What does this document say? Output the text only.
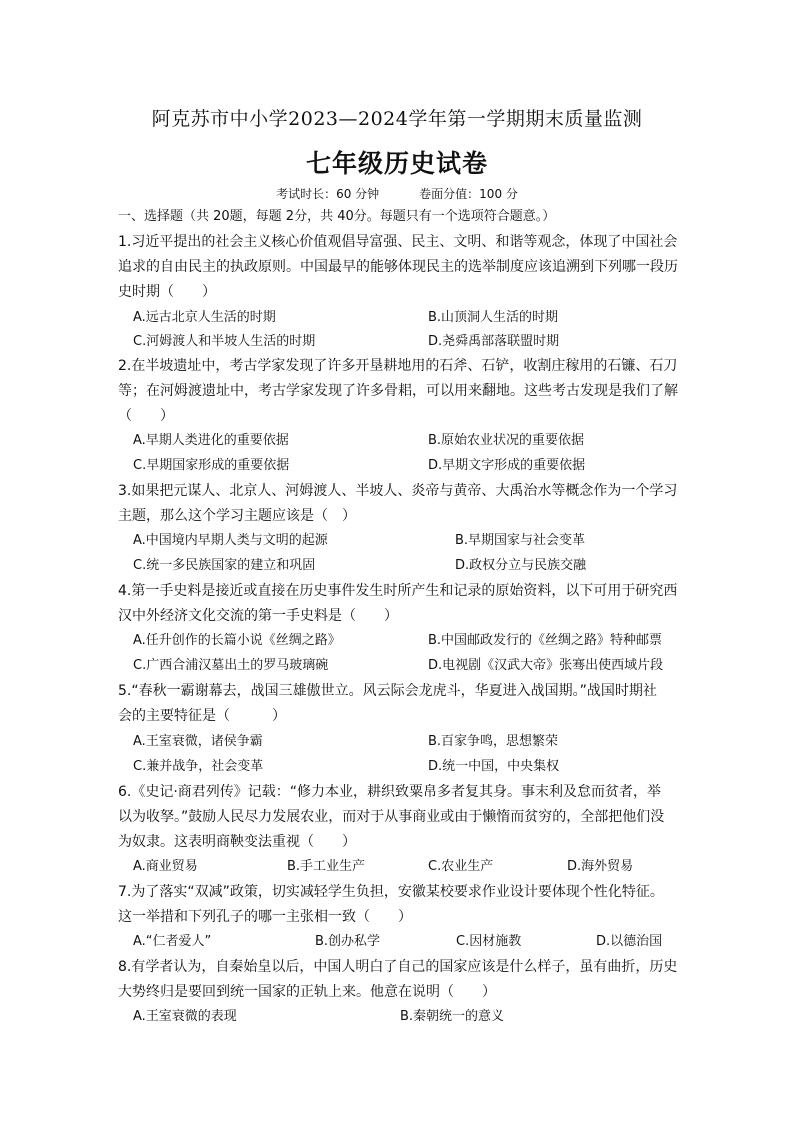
阿克苏市中小学2023—2024学年第一学期期末质量监测
七年级历史试卷
考试时长：60 分钟	卷面分值：100 分
一、选择题（共 20题，每题 2分，共 40分。每题只有一个选项符合题意。）
1.习近平提出的社会主义核心价值观倡导富强、民主、文明、和谐等观念，体现了中国社会
追求的自由民主的执政原则。中国最早的能够体现民主的选举制度应该追溯到下列哪一段历
史时期（　　）
A.远古北京人生活的时期	B.山顶洞人生活的时期
C.河姆渡人和半坡人生活的时期	D.尧舜禹部落联盟时期
2.在半坡遗址中，考古学家发现了许多开垦耕地用的石斧、石铲，收割庄稼用的石镰、石刀
等；在河姆渡遗址中，考古学家发现了许多骨耜，可以用来翻地。这些考古发现是我们了解
（　　）
A.早期人类进化的重要依据	B.原始农业状况的重要依据
C.早期国家形成的重要依据	D.早期文字形成的重要依据
3.如果把元谋人、北京人、河姆渡人、半坡人、炎帝与黄帝、大禹治水等概念作为一个学习
主题，那么这个学习主题应该是（　）
A.中国境内早期人类与文明的起源	B.早期国家与社会变革
C.统一多民族国家的建立和巩固	D.政权分立与民族交融
4.第一手史料是接近或直接在历史事件发生时所产生和记录的原始资料，以下可用于研究西
汉中外经济文化交流的第一手史料是（　　）
A.任升创作的长篇小说《丝绸之路》	B.中国邮政发行的《丝绸之路》特种邮票
C.广西合浦汉墓出土的罗马玻璃碗	D.电视剧《汉武大帝》张骞出使西域片段
5.“春秋一霸谢幕去，战国三雄傲世立。风云际会龙虎斗，华夏进入战国期。”战国时期社
会的主要特征是（　　　）
A.王室衰微，诸侯争霸	B.百家争鸣，思想繁荣
C.兼并战争，社会变革	D.统一中国，中央集权
6.《史记·商君列传》记载：“修力本业，耕织致粟帛多者复其身。事末利及怠而贫者，举
以为收孥。”鼓励人民尽力发展农业，而对于从事商业或由于懒惰而贫穷的，全部把他们没
为奴隶。这表明商鞅变法重视（　　）
A.商业贸易	B.手工业生产	C.农业生产	D.海外贸易
7.为了落实“双减”政策，切实减轻学生负担，安徽某校要求作业设计要体现个性化特征。
这一举措和下列孔子的哪一主张相一致（　　）
A.“仁者爱人”	B.创办私学	C.因材施教	D.以德治国
8.有学者认为，自秦始皇以后，中国人明白了自己的国家应该是什么样子，虽有曲折，历史
大势终归是要回到统一国家的正轨上来。他意在说明（　　）
A.王室衰微的表现	B.秦朝统一的意义
